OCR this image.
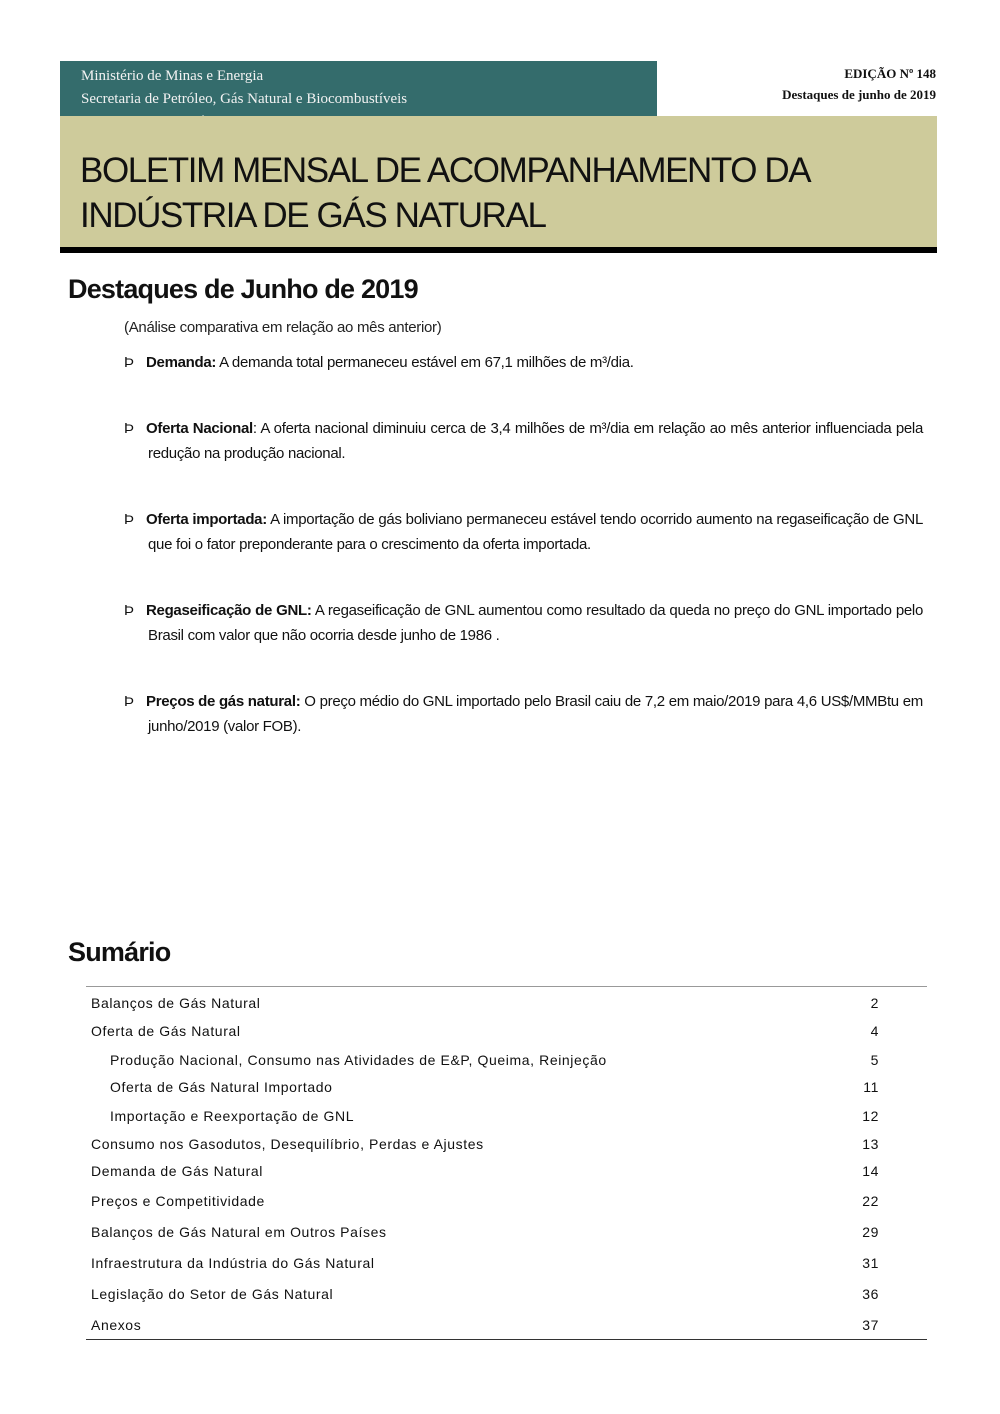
Ministério de Minas e Energia
Secretaria de Petróleo, Gás Natural e Biocombustíveis
EDIÇÃO Nº 148
Destaques de junho de 2019
BOLETIM MENSAL DE ACOMPANHAMENTO DA INDÚSTRIA DE GÁS NATURAL
Destaques de Junho de 2019
(Análise comparativa em relação ao mês anterior)
Þ Demanda: A demanda total permaneceu estável em 67,1 milhões de m³/dia.
Þ Oferta Nacional: A oferta nacional diminuiu cerca de 3,4 milhões de m³/dia em relação ao mês anterior influenciada pela redução na produção nacional.
Þ Oferta importada: A importação de gás boliviano permaneceu estável tendo ocorrido aumento na regaseificação de GNL que foi o fator preponderante para o crescimento da oferta importada.
Þ Regaseificação de GNL: A regaseificação de GNL aumentou como resultado da queda no preço do GNL importado pelo Brasil com valor que não ocorria desde junho de 1986 .
Þ Preços de gás natural: O preço médio do GNL importado pelo Brasil caiu de 7,2 em maio/2019 para 4,6 US$/MMBtu em junho/2019 (valor FOB).
Sumário
Balanços de Gás Natural	2
Oferta de Gás Natural	4
Produção Nacional, Consumo nas Atividades de E&P, Queima, Reinjeção	5
Oferta de Gás Natural Importado	11
Importação e Reexportação de GNL	12
Consumo nos Gasodutos, Desequilíbrio, Perdas e Ajustes	13
Demanda de Gás Natural	14
Preços e Competitividade	22
Balanços de Gás Natural em Outros Países	29
Infraestrutura da Indústria do Gás Natural	31
Legislação do Setor de Gás Natural	36
Anexos	37
